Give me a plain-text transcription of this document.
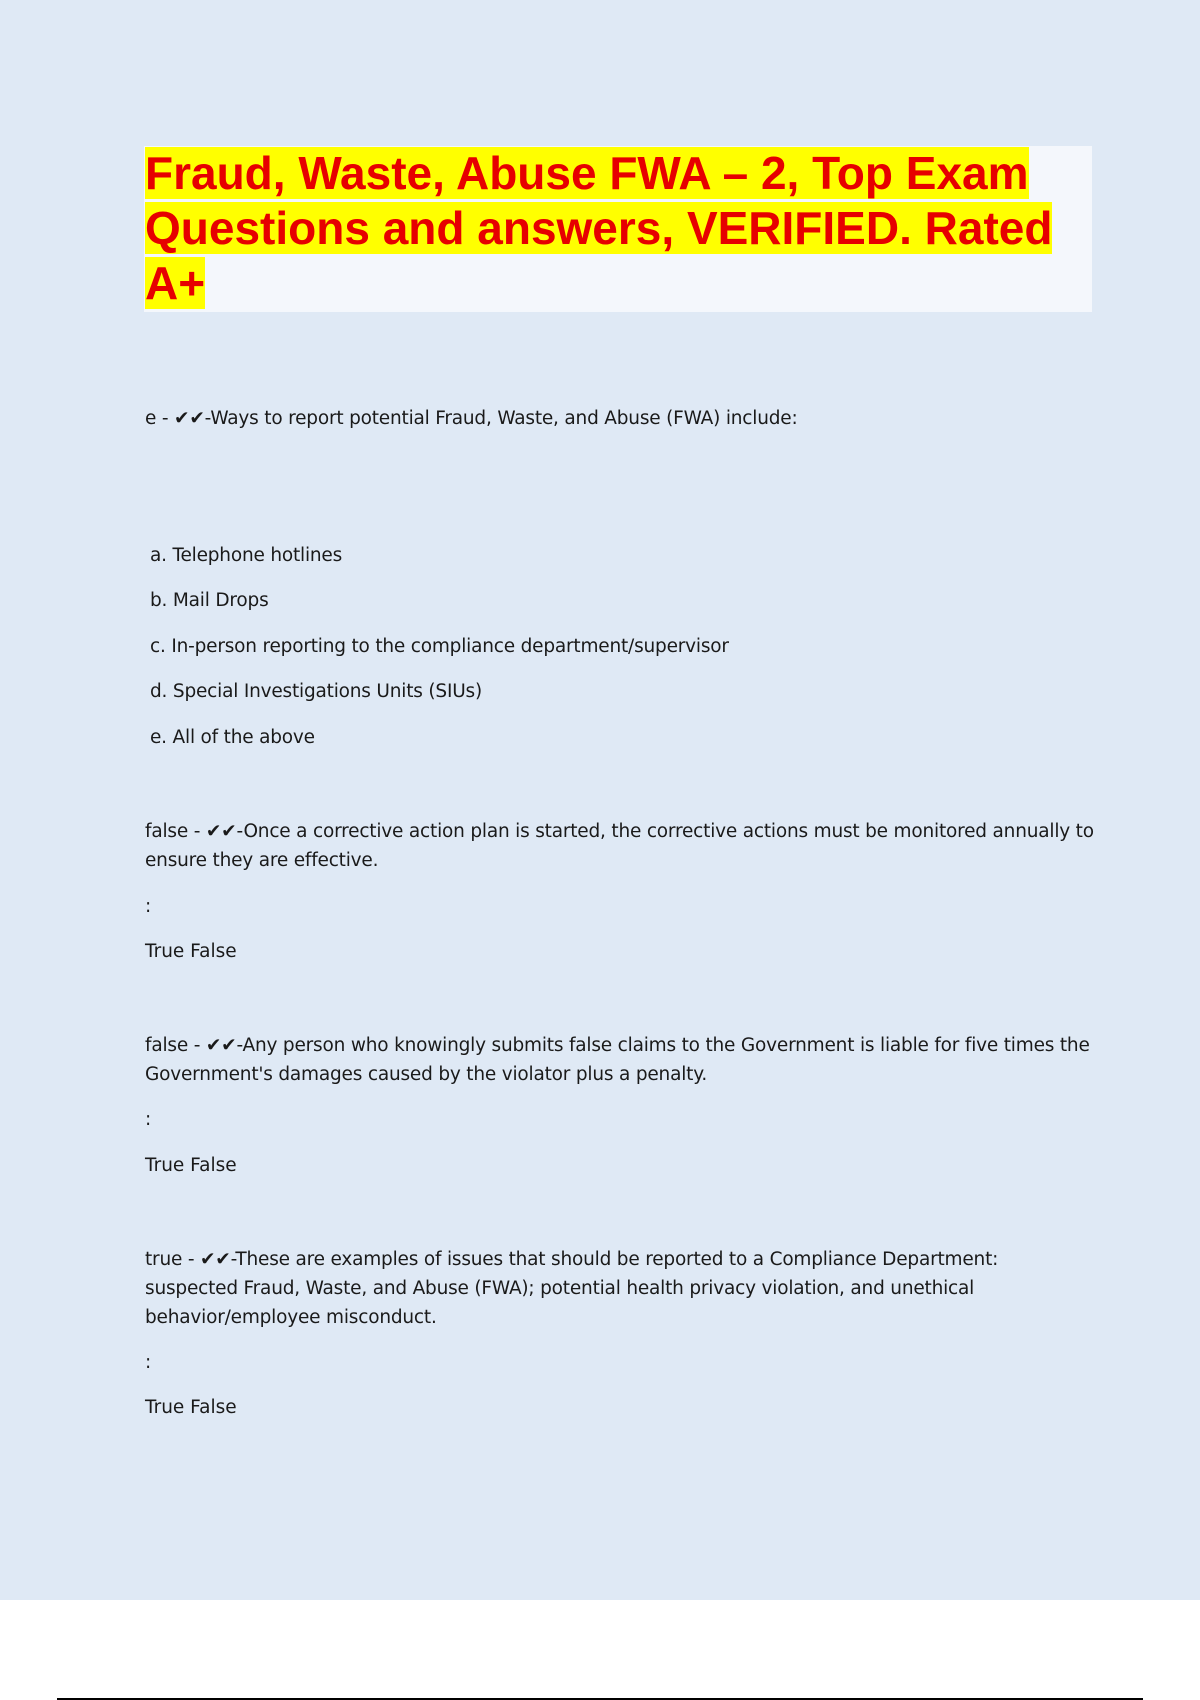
Fraud, Waste, Abuse FWA – 2, Top Exam Questions and answers, VERIFIED. Rated A+

e - ✔✔-Ways to report potential Fraud, Waste, and Abuse (FWA) include:

a. Telephone hotlines

b. Mail Drops

c. In-person reporting to the compliance department/supervisor

d. Special Investigations Units (SIUs)

e. All of the above

false - ✔✔-Once a corrective action plan is started, the corrective actions must be monitored annually to ensure they are effective.

:

True False

false - ✔✔-Any person who knowingly submits false claims to the Government is liable for five times the Government's damages caused by the violator plus a penalty.

:

True False

true - ✔✔-These are examples of issues that should be reported to a Compliance Department: suspected Fraud, Waste, and Abuse (FWA); potential health privacy violation, and unethical behavior/employee misconduct.

:

True False
